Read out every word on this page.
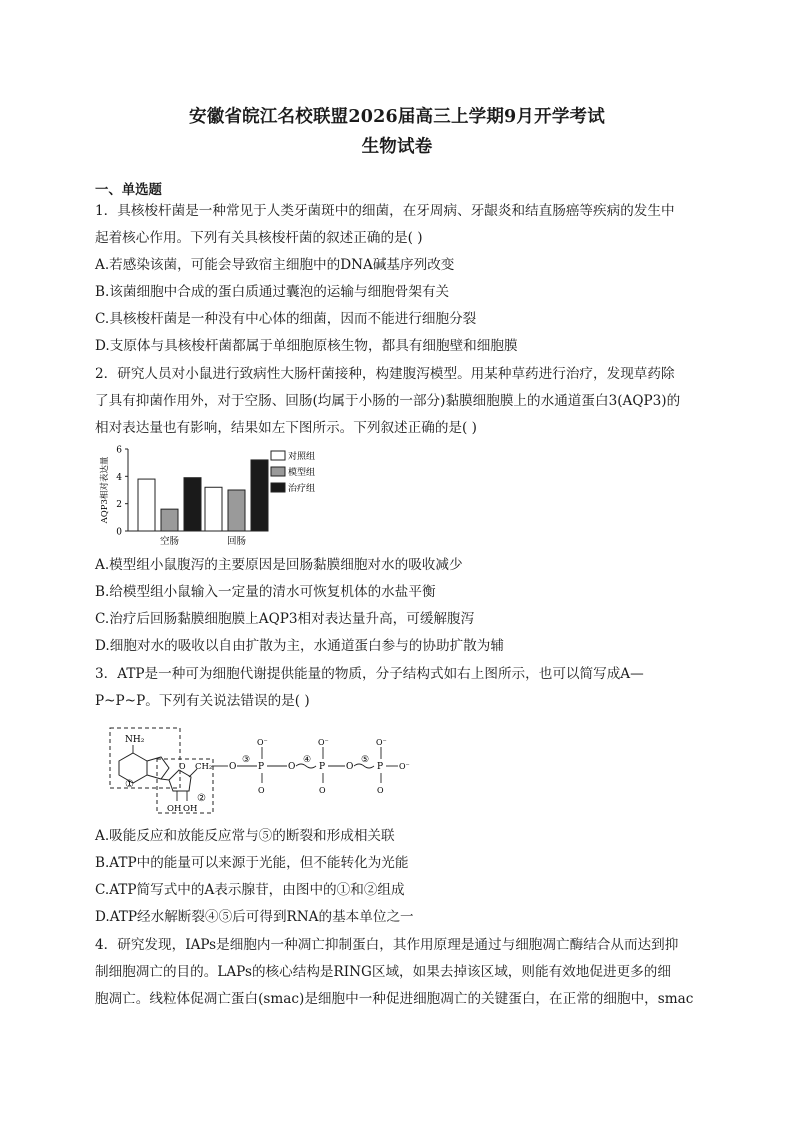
安徽省皖江名校联盟2026届高三上学期9月开学考试
生物试卷
一、单选题
1．具核梭杆菌是一种常见于人类牙菌斑中的细菌，在牙周病、牙龈炎和结直肠癌等疾病的发生中
起着核心作用。下列有关具核梭杆菌的叙述正确的是( )
A.若感染该菌，可能会导致宿主细胞中的DNA碱基序列改变
B.该菌细胞中合成的蛋白质通过囊泡的运输与细胞骨架有关
C.具核梭杆菌是一种没有中心体的细菌，因而不能进行细胞分裂
D.支原体与具核梭杆菌都属于单细胞原核生物，都具有细胞壁和细胞膜
2．研究人员对小鼠进行致病性大肠杆菌接种，构建腹泻模型。用某种草药进行治疗，发现草药除
了具有抑菌作用外，对于空肠、回肠(均属于小肠的一部分)黏膜细胞膜上的水通道蛋白3(AQP3)的
相对表达量也有影响，结果如左下图所示。下列叙述正确的是( )
0
2
4
6
AQP3相对表达量
空肠	回肠
对照组
模型组
治疗组
A.模型组小鼠腹泻的主要原因是回肠黏膜细胞对水的吸收减少
B.给模型组小鼠输入一定量的清水可恢复机体的水盐平衡
C.治疗后回肠黏膜细胞膜上AQP3相对表达量升高，可缓解腹泻
D.细胞对水的吸收以自由扩散为主，水通道蛋白参与的协助扩散为辅
3．ATP是一种可为细胞代谢提供能量的物质，分子结构式如右上图所示，也可以简写成A—
P~P~P。下列有关说法错误的是( )
NH₂
①
O CH₂
OH OH
②
O
③
P
O⁻
O
O
④
P
O⁻
O
O
⑤
P
O⁻
O
O⁻
A.吸能反应和放能反应常与⑤的断裂和形成相关联
B.ATP中的能量可以来源于光能，但不能转化为光能
C.ATP简写式中的A表示腺苷，由图中的①和②组成
D.ATP经水解断裂④⑤后可得到RNA的基本单位之一
4．研究发现，IAPs是细胞内一种凋亡抑制蛋白，其作用原理是通过与细胞凋亡酶结合从而达到抑
制细胞凋亡的目的。LAPs的核心结构是RING区域，如果去掉该区域，则能有效地促进更多的细
胞凋亡。线粒体促凋亡蛋白(smac)是细胞中一种促进细胞凋亡的关键蛋白，在正常的细胞中，smac
